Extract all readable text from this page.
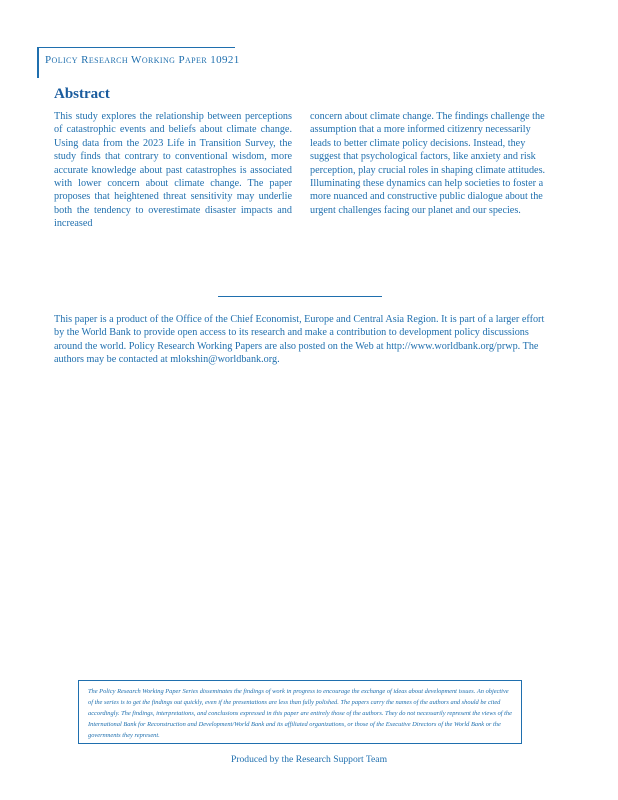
Policy Research Working Paper 10921
Abstract
This study explores the relationship between perceptions of catastrophic events and beliefs about climate change. Using data from the 2023 Life in Transition Survey, the study finds that contrary to conventional wisdom, more accurate knowledge about past catastrophes is associated with lower concern about climate change. The paper proposes that heightened threat sensitivity may underlie both the tendency to overestimate disaster impacts and increased
concern about climate change. The findings challenge the assumption that a more informed citizenry necessarily leads to better climate policy decisions. Instead, they suggest that psychological factors, like anxiety and risk perception, play crucial roles in shaping climate attitudes. Illuminating these dynamics can help societies to foster a more nuanced and constructive public dialogue about the urgent challenges facing our planet and our species.
This paper is a product of the Office of the Chief Economist, Europe and Central Asia Region. It is part of a larger effort by the World Bank to provide open access to its research and make a contribution to development policy discussions around the world. Policy Research Working Papers are also posted on the Web at http://www.worldbank.org/prwp. The authors may be contacted at mlokshin@worldbank.org.
The Policy Research Working Paper Series disseminates the findings of work in progress to encourage the exchange of ideas about development issues. An objective of the series is to get the findings out quickly, even if the presentations are less than fully polished. The papers carry the names of the authors and should be cited accordingly. The findings, interpretations, and conclusions expressed in this paper are entirely those of the authors. They do not necessarily represent the views of the International Bank for Reconstruction and Development/World Bank and its affiliated organizations, or those of the Executive Directors of the World Bank or the governments they represent.
Produced by the Research Support Team
